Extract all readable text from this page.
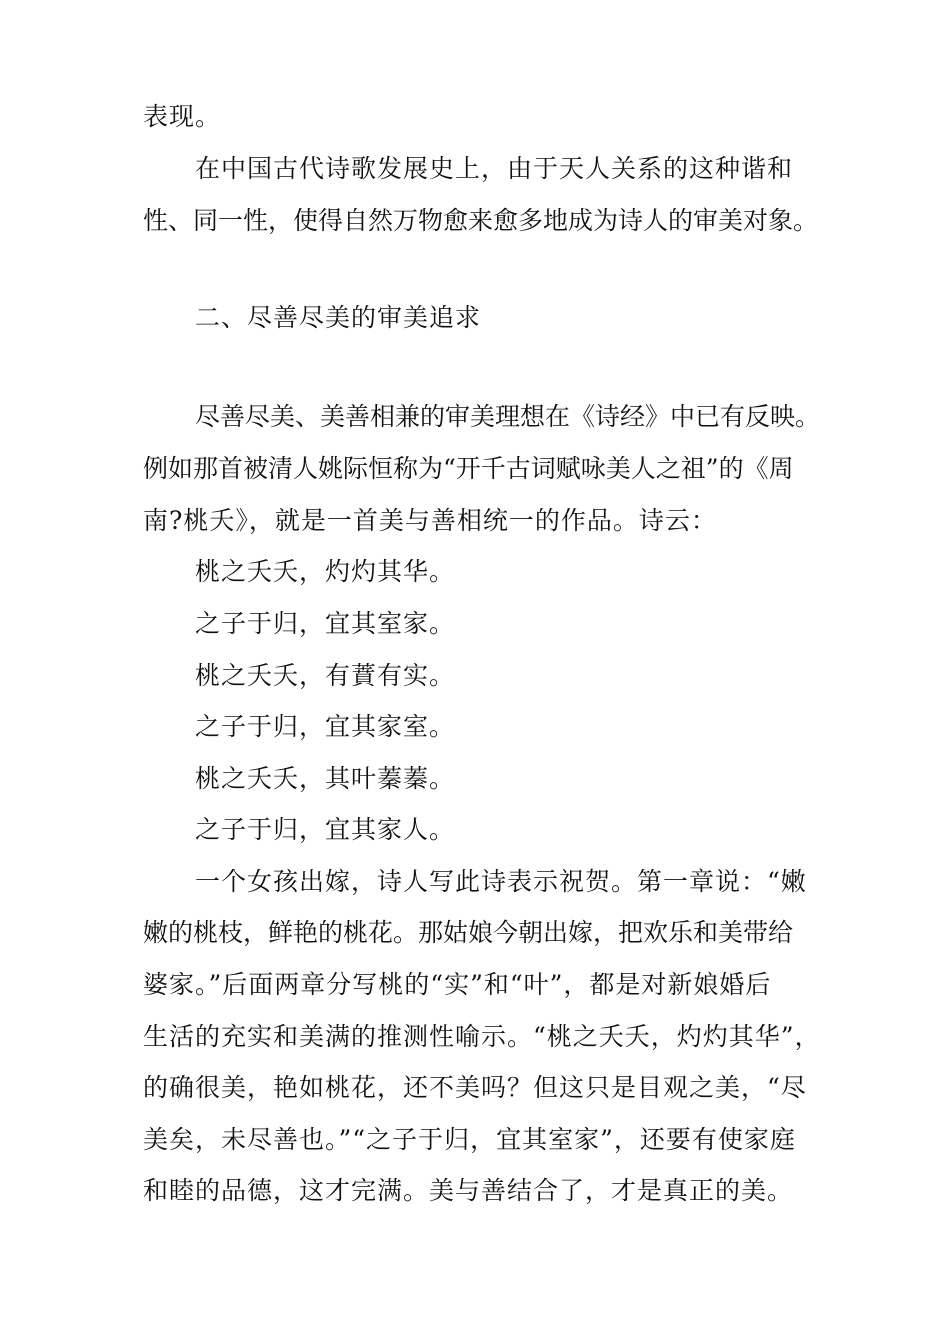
表现。
在中国古代诗歌发展史上，由于天人关系的这种谐和
性、同一性，使得自然万物愈来愈多地成为诗人的审美对象。
二、尽善尽美的审美追求
尽善尽美、美善相兼的审美理想在《诗经》中已有反映。
例如那首被清人姚际恒称为“开千古词赋咏美人之祖”的《周
南?桃夭》，就是一首美与善相统一的作品。诗云：
桃之夭夭，灼灼其华。
之子于归，宜其室家。
桃之夭夭，有蕡有实。
之子于归，宜其家室。
桃之夭夭，其叶蓁蓁。
之子于归，宜其家人。
一个女孩出嫁，诗人写此诗表示祝贺。第一章说：“嫩
嫩的桃枝，鲜艳的桃花。那姑娘今朝出嫁，把欢乐和美带给
婆家。”后面两章分写桃的“实”和“叶”，都是对新娘婚后
生活的充实和美满的推测性喻示。“桃之夭夭，灼灼其华”，
的确很美，艳如桃花，还不美吗？但这只是目观之美，“尽
美矣，未尽善也。”“之子于归，宜其室家”，还要有使家庭
和睦的品德，这才完满。美与善结合了，才是真正的美。
